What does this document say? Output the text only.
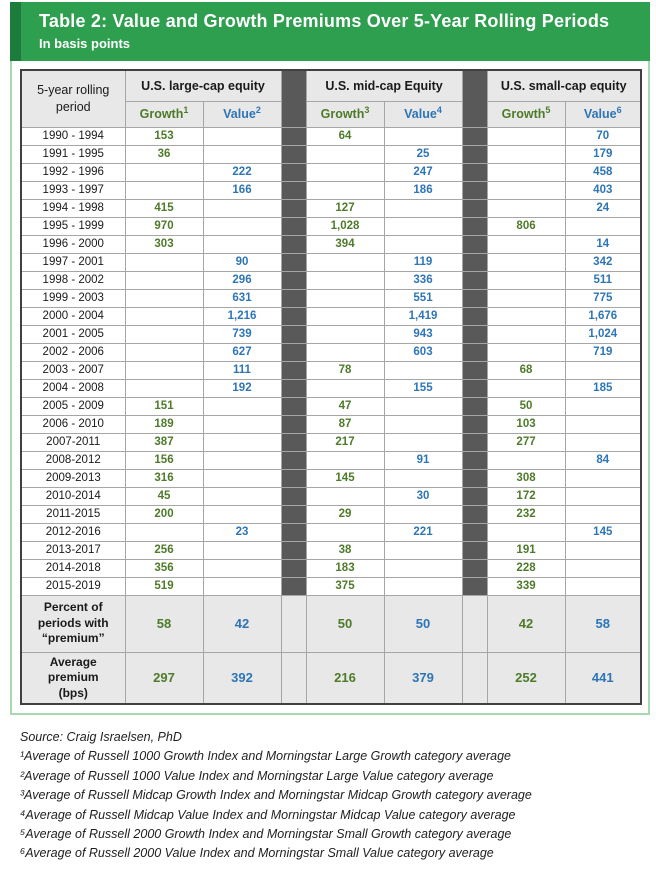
Table 2: Value and Growth Premiums Over 5-Year Rolling Periods
In basis points
5-year rolling period	U.S. large-cap equity			U.S. mid-cap Equity			U.S. small-cap equity	
	Growth$^1$	Value$^2$		Growth$^3$	Value$^4$		Growth$^5$	Value$^6$
1990 - 1994	153			64				70
1991 - 1995	36				25			179
1992 - 1996		222			247			458
1993 - 1997		166			186			403
1994 - 1998	415			127				24
1995 - 1999	970			1,028			806	
1996 - 2000	303			394				14
1997 - 2001		90			119			342
1998 - 2002		296			336			511
1999 - 2003		631			551			775
2000 - 2004		1,216			1,419			1,676
2001 - 2005		739			943			1,024
2002 - 2006		627			603			719
2003 - 2007		111		78			68	
2004 - 2008		192			155			185
2005 - 2009	151			47			50	
2006 - 2010	189			87			103	
2007-2011	387			217			277	
2008-2012	156				91			84
2009-2013	316			145			308	
2010-2014	45				30		172	
2011-2015	200			29			232	
2012-2016		23			221			145
2013-2017	256			38			191	
2014-2018	356			183			228	
2015-2019	519			375			339	
Percent of periods with “premium”	58	42		50	50		42	58
Average premium (bps)	297	392		216	379		252	441
Source: Craig Israelsen, PhD
¹Average of Russell 1000 Growth Index and Morningstar Large Growth category average
²Average of Russell 1000 Value Index and Morningstar Large Value category average
³Average of Russell Midcap Growth Index and Morningstar Midcap Growth category average
⁴Average of Russell Midcap Value Index and Morningstar Midcap Value category average
⁵Average of Russell 2000 Growth Index and Morningstar Small Growth category average
⁶Average of Russell 2000 Value Index and Morningstar Small Value category average
